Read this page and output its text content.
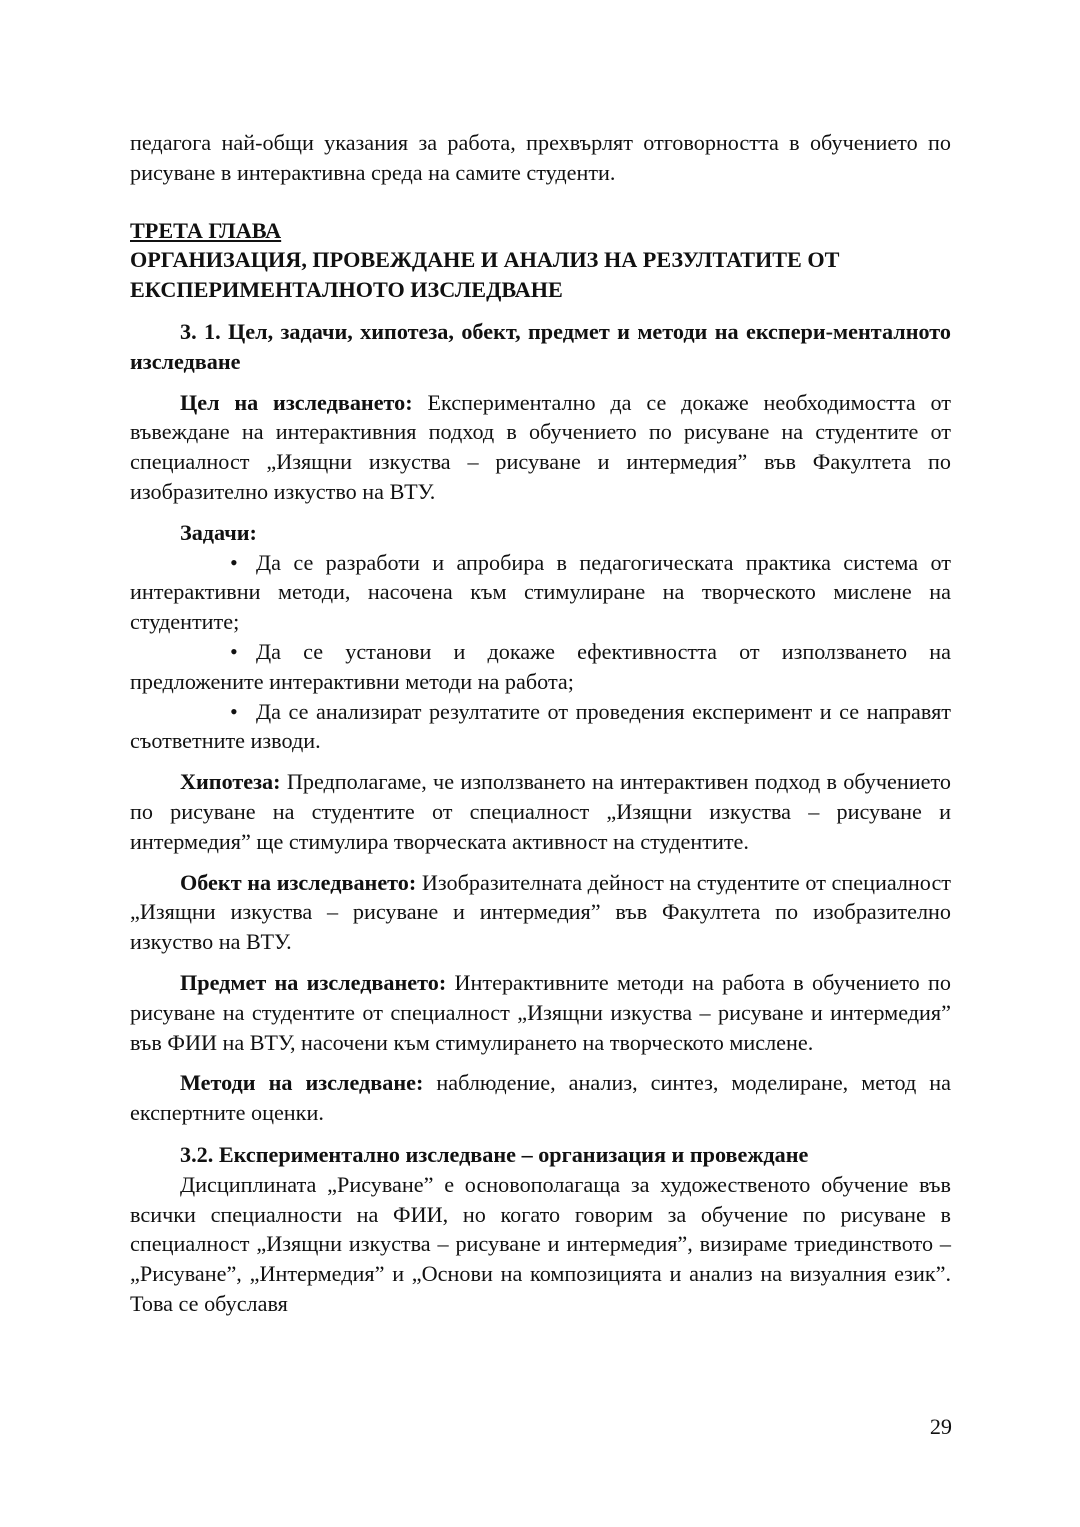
педагога най-общи указания за работа, прехвърлят отговорността в обучението по рисуване в интерактивна среда на самите студенти.

ТРЕТА ГЛАВА

ОРГАНИЗАЦИЯ, ПРОВЕЖДАНЕ И АНАЛИЗ НА РЕЗУЛТАТИТЕ ОТ ЕКСПЕРИМЕНТАЛНОТО ИЗСЛЕДВАНЕ

3. 1. Цел, задачи, хипотеза, обект, предмет и методи на експери-менталното изследване

Цел на изследването: Експериментално да се докаже необходимостта от въвеждане на интерактивния подход в обучението по рисуване на студентите от специалност „Изящни изкуства – рисуване и интермедия” във Факултета по изобразително изкуство на ВТУ.

Задачи:

• Да се разработи и апробира в педагогическата практика система от интерактивни методи, насочена към стимулиране на творческото мислене на студентите;

• Да се установи и докаже ефективността от използването на предложените интерактивни методи на работа;

• Да се анализират резултатите от проведения експеримент и се направят съответните изводи.

Хипотеза: Предполагаме, че използването на интерактивен подход в обучението по рисуване на студентите от специалност „Изящни изкуства – рисуване и интермедия” ще стимулира творческата активност на студентите.

Обект на изследването: Изобразителната дейност на студентите от специалност „Изящни изкуства – рисуване и интермедия” във Факултета по изобразително изкуство на ВТУ.

Предмет на изследването: Интерактивните методи на работа в обучението по рисуване на студентите от специалност „Изящни изкуства – рисуване и интермедия” във ФИИ на ВТУ, насочени към стимулирането на творческото мислене.

Методи на изследване: наблюдение, анализ, синтез, моделиране, метод на експертните оценки.

3.2. Експериментално изследване – организация и провеждане

Дисциплината „Рисуване” е основополагаща за художественото обучение във всички специалности на ФИИ, но когато говорим за обучение по рисуване в специалност „Изящни изкуства – рисуване и интермедия”, визираме триединството – „Рисуване”, „Интермедия” и „Основи на композицията и анализ на визуалния език”. Това се обуславя

29
